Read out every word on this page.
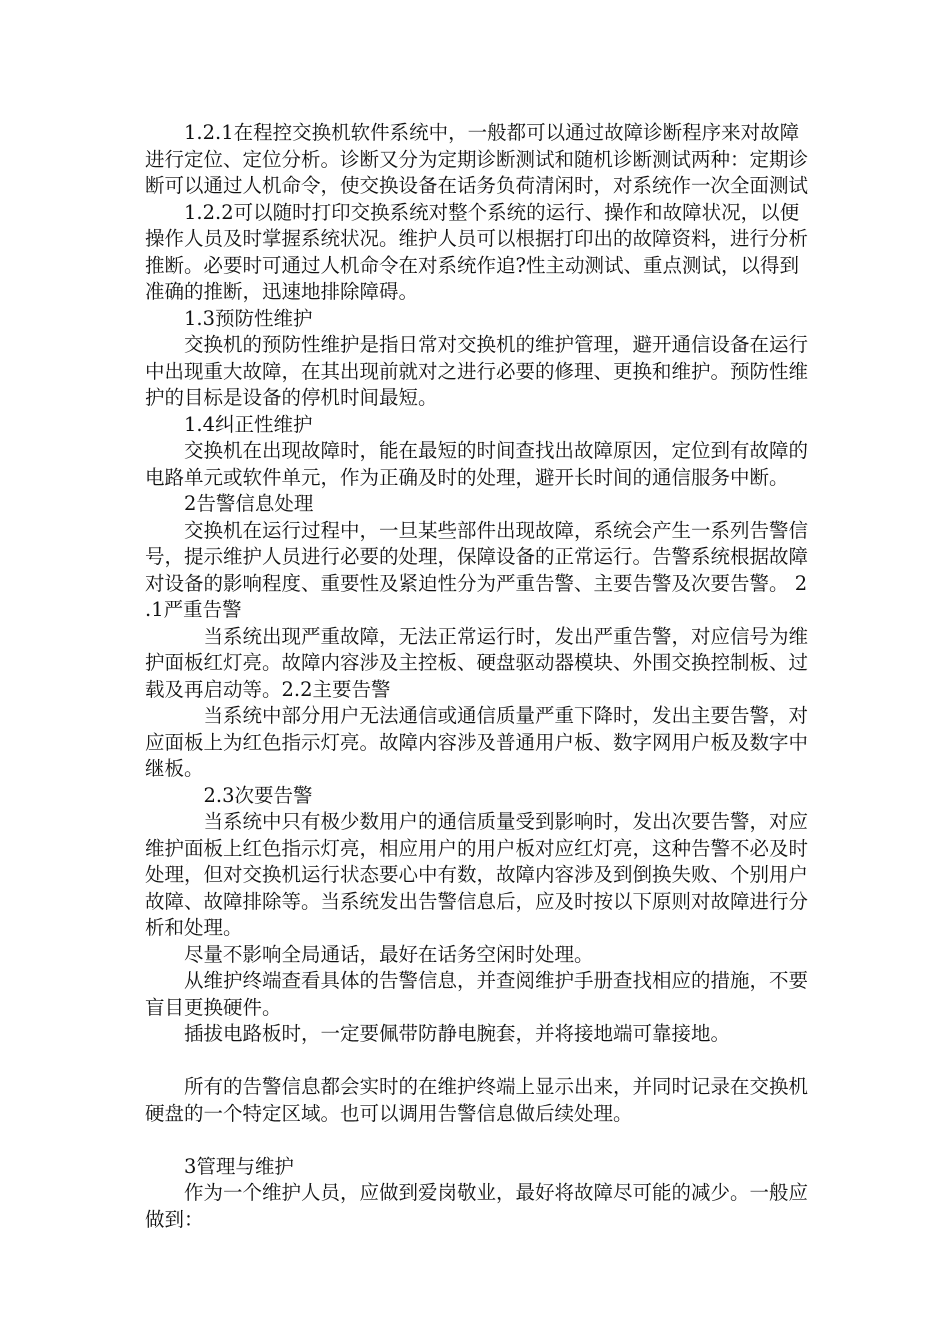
1.2.1在程控交换机软件系统中，一般都可以通过故障诊断程序来对故障进行定位、定位分析。诊断又分为定期诊断测试和随机诊断测试两种：定期诊断可以通过人机命令，使交换设备在话务负荷清闲时，对系统作一次全面测试

1.2.2可以随时打印交换系统对整个系统的运行、操作和故障状况，以便操作人员及时掌握系统状况。维护人员可以根据打印出的故障资料，进行分析推断。必要时可通过人机命令在对系统作追?性主动测试、重点测试，以得到准确的推断，迅速地排除障碍。

1.3预防性维护

交换机的预防性维护是指日常对交换机的维护管理，避开通信设备在运行中出现重大故障，在其出现前就对之进行必要的修理、更换和维护。预防性维护的目标是设备的停机时间最短。

1.4纠正性维护

交换机在出现故障时，能在最短的时间查找出故障原因，定位到有故障的电路单元或软件单元，作为正确及时的处理，避开长时间的通信服务中断。

2告警信息处理

交换机在运行过程中，一旦某些部件出现故障，系统会产生一系列告警信号，提示维护人员进行必要的处理，保障设备的正常运行。告警系统根据故障对设备的影响程度、重要性及紧迫性分为严重告警、主要告警及次要告警。 2.1严重告警

当系统出现严重故障，无法正常运行时，发出严重告警，对应信号为维护面板红灯亮。故障内容涉及主控板、硬盘驱动器模块、外围交换控制板、过载及再启动等。2.2主要告警

当系统中部分用户无法通信或通信质量严重下降时，发出主要告警，对应面板上为红色指示灯亮。故障内容涉及普通用户板、数字网用户板及数字中继板。

2.3次要告警

当系统中只有极少数用户的通信质量受到影响时，发出次要告警，对应维护面板上红色指示灯亮，相应用户的用户板对应红灯亮，这种告警不必及时处理，但对交换机运行状态要心中有数，故障内容涉及到倒换失败、个别用户故障、故障排除等。当系统发出告警信息后，应及时按以下原则对故障进行分析和处理。

尽量不影响全局通话，最好在话务空闲时处理。

从维护终端查看具体的告警信息，并查阅维护手册查找相应的措施，不要盲目更换硬件。

插拔电路板时，一定要佩带防静电腕套，并将接地端可靠接地。

所有的告警信息都会实时的在维护终端上显示出来，并同时记录在交换机硬盘的一个特定区域。也可以调用告警信息做后续处理。

3管理与维护

作为一个维护人员，应做到爱岗敬业，最好将故障尽可能的减少。一般应做到：
